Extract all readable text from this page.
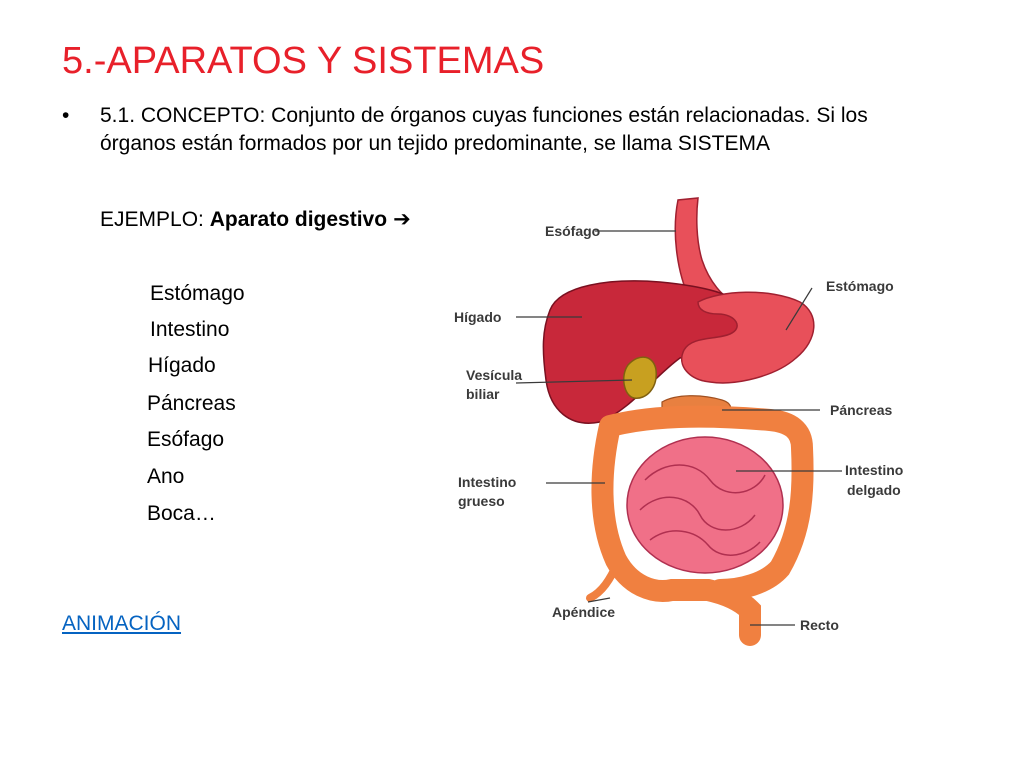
5.-APARATOS Y SISTEMAS
• 5.1. CONCEPTO: Conjunto de órganos cuyas funciones están relacionadas. Si los órganos están formados por un tejido predominante, se llama SISTEMA
EJEMPLO: Aparato digestivo ➔
Estómago
Intestino
Hígado
Páncreas
Esófago
Ano
Boca…
ANIMACIÓN
Esófago
Estómago
Hígado
Vesícula
biliar
Páncreas
Intestino
grueso
Intestino
delgado
Apéndice
Recto
